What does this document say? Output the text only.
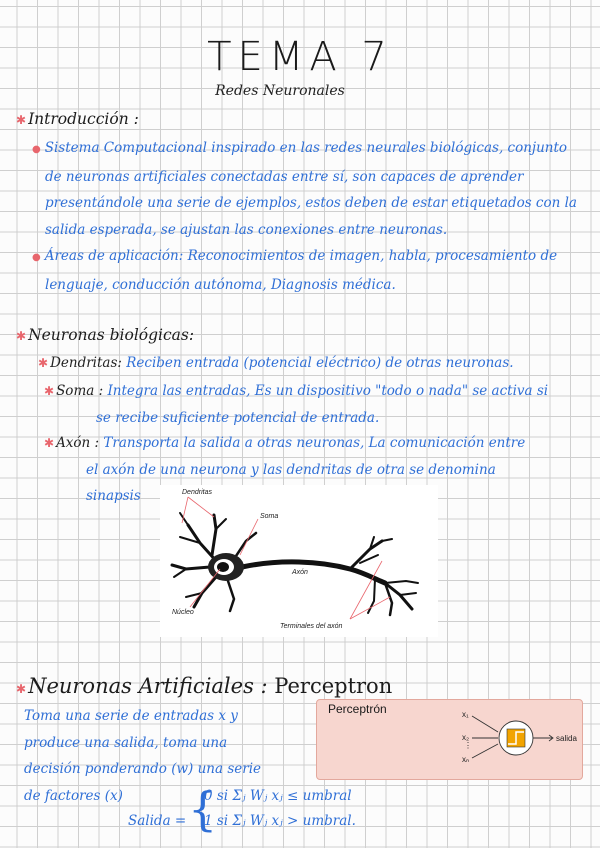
TEMA 7
Redes Neuronales
✱ Introducción :
● Sistema Computacional inspirado en las redes neurales biológicas, conjunto
de neuronas artificiales conectadas entre sí, son capaces de aprender
presentándole una serie de ejemplos, estos deben de estar etiquetados con la
salida esperada, se ajustan las conexiones entre neuronas.
● Áreas de aplicación: Reconocimientos de imagen, habla, procesamiento de
lenguaje, conducción autónoma, Diagnosis médica.
✱ Neuronas biológicas:
✱ Dendritas: Reciben entrada (potencial eléctrico) de otras neuronas.
✱ Soma : Integra las entradas, Es un dispositivo "todo o nada" se activa si
se recibe suficiente potencial de entrada.
✱ Axón : Transporta la salida a otras neuronas, La comunicación entre
el axón de una neurona y las dendritas de otra se denomina
sinapsis	Dendritas
Soma
Axón
Núcleo
Terminales del axón
✱Neuronas Artificiales : Perceptron
Toma una serie de entradas x y
produce una salida, toma una
decisión ponderando (w) una serie
de factores (x)
Perceptrón	x₁
x₂
⋮
xₙ
salida
Salida = {
0 si Σⱼ Wⱼ xⱼ ≤ umbral
1 si Σⱼ Wⱼ xⱼ > umbral.
